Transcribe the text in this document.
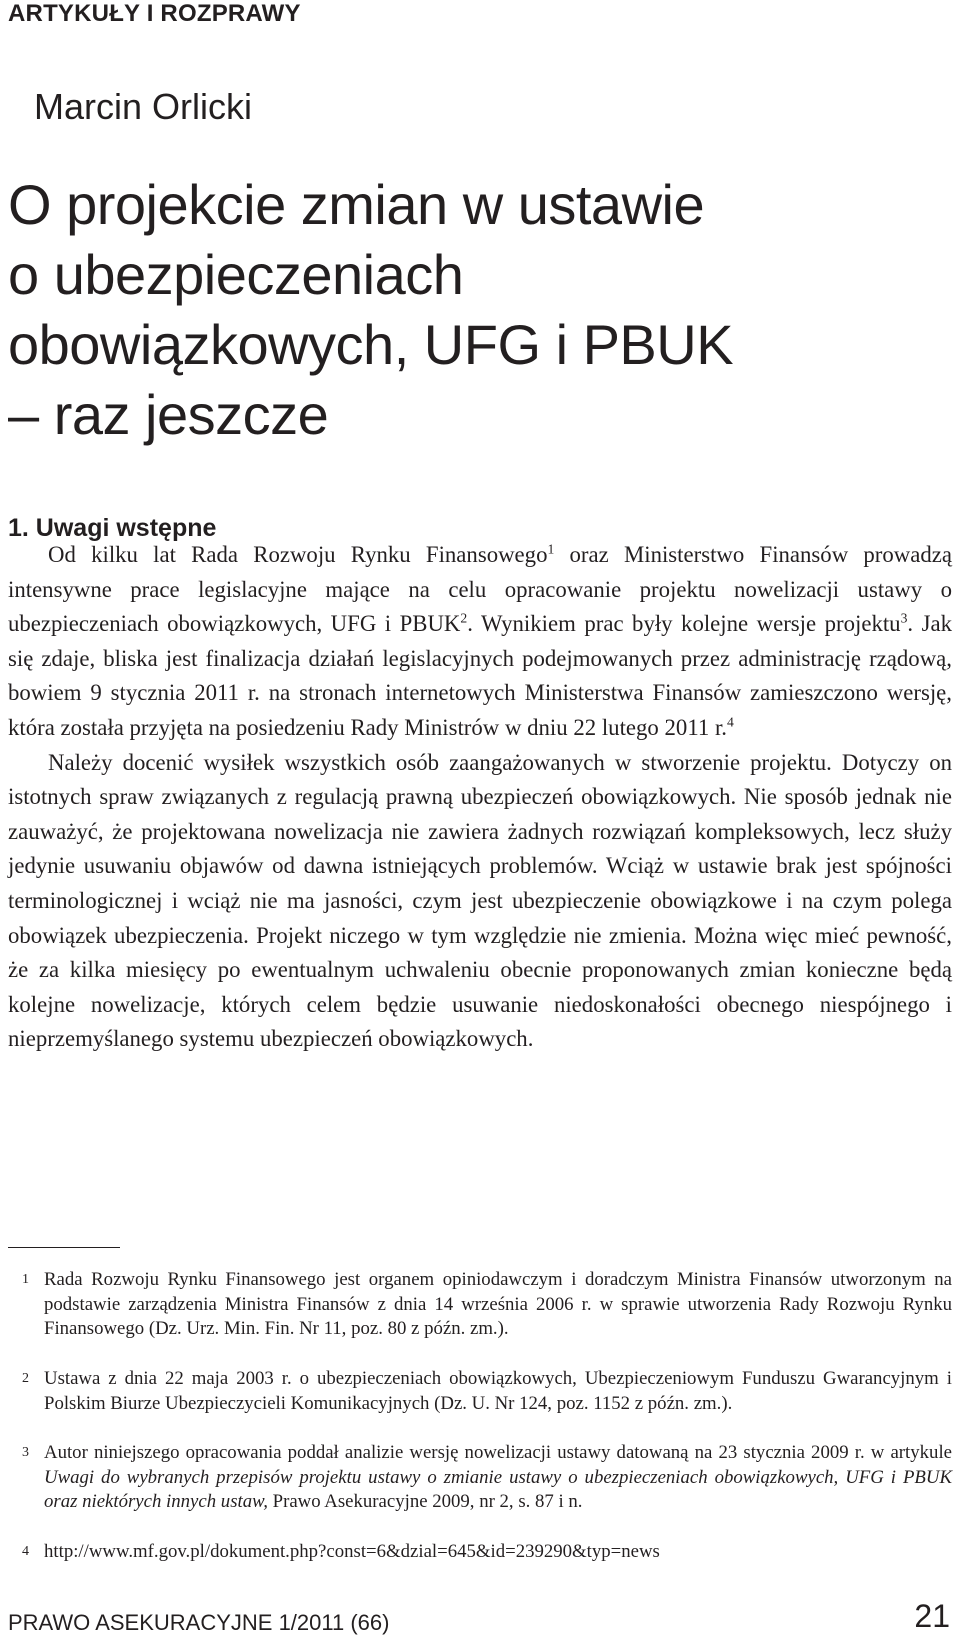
ARTYKUŁY I ROZPRAWY
Marcin Orlicki
O projekcie zmian w ustawie
o ubezpieczeniach
obowiązkowych, UFG i PBUK
– raz jeszcze
1. Uwagi wstępne

Od kilku lat Rada Rozwoju Rynku Finansowego$^1$ oraz Ministerstwo Finansów prowadzą intensywne prace legislacyjne mające na celu opracowanie projektu nowelizacji ustawy o ubezpieczeniach obowiązkowych, UFG i PBUK$^2$. Wynikiem prac były kolejne wersje projektu$^3$. Jak się zdaje, bliska jest finalizacja działań legislacyjnych podejmowanych przez administrację rządową, bowiem 9 stycznia 2011 r. na stronach internetowych Ministerstwa Finansów zamieszczono wersję, która została przyjęta na posiedzeniu Rady Ministrów w dniu 22 lutego 2011 r.$^4$

Należy docenić wysiłek wszystkich osób zaangażowanych w stworzenie projektu. Dotyczy on istotnych spraw związanych z regulacją prawną ubezpieczeń obowiązkowych. Nie sposób jednak nie zauważyć, że projektowana nowelizacja nie zawiera żadnych rozwiązań kompleksowych, lecz służy jedynie usuwaniu objawów od dawna istniejących problemów. Wciąż w ustawie brak jest spójności terminologicznej i wciąż nie ma jasności, czym jest ubezpieczenie obowiązkowe i na czym polega obowiązek ubezpieczenia. Projekt niczego w tym względzie nie zmienia. Można więc mieć pewność, że za kilka miesięcy po ewentualnym uchwaleniu obecnie proponowanych zmian konieczne będą kolejne nowelizacje, których celem będzie usuwanie niedoskonałości obecnego niespójnego i nieprzemyślanego systemu ubezpieczeń obowiązkowych.

1 Rada Rozwoju Rynku Finansowego jest organem opiniodawczym i doradczym Ministra Finansów utworzonym na podstawie zarządzenia Ministra Finansów z dnia 14 września 2006 r. w sprawie utworzenia Rady Rozwoju Rynku Finansowego (Dz. Urz. Min. Fin. Nr 11, poz. 80 z późn. zm.).
2 Ustawa z dnia 22 maja 2003 r. o ubezpieczeniach obowiązkowych, Ubezpieczeniowym Funduszu Gwarancyjnym i Polskim Biurze Ubezpieczycieli Komunikacyjnych (Dz. U. Nr 124, poz. 1152 z późn. zm.).
3 Autor niniejszego opracowania poddał analizie wersję nowelizacji ustawy datowaną na 23 stycznia 2009 r. w artykule Uwagi do wybranych przepisów projektu ustawy o zmianie ustawy o ubezpieczeniach obowiązkowych, UFG i PBUK oraz niektórych innych ustaw, Prawo Asekuracyjne 2009, nr 2, s. 87 i n.
4 http://www.mf.gov.pl/dokument.php?const=6&dzial=645&id=239290&typ=news
PRAWO ASEKURACYJNE 1/2011 (66)	21
